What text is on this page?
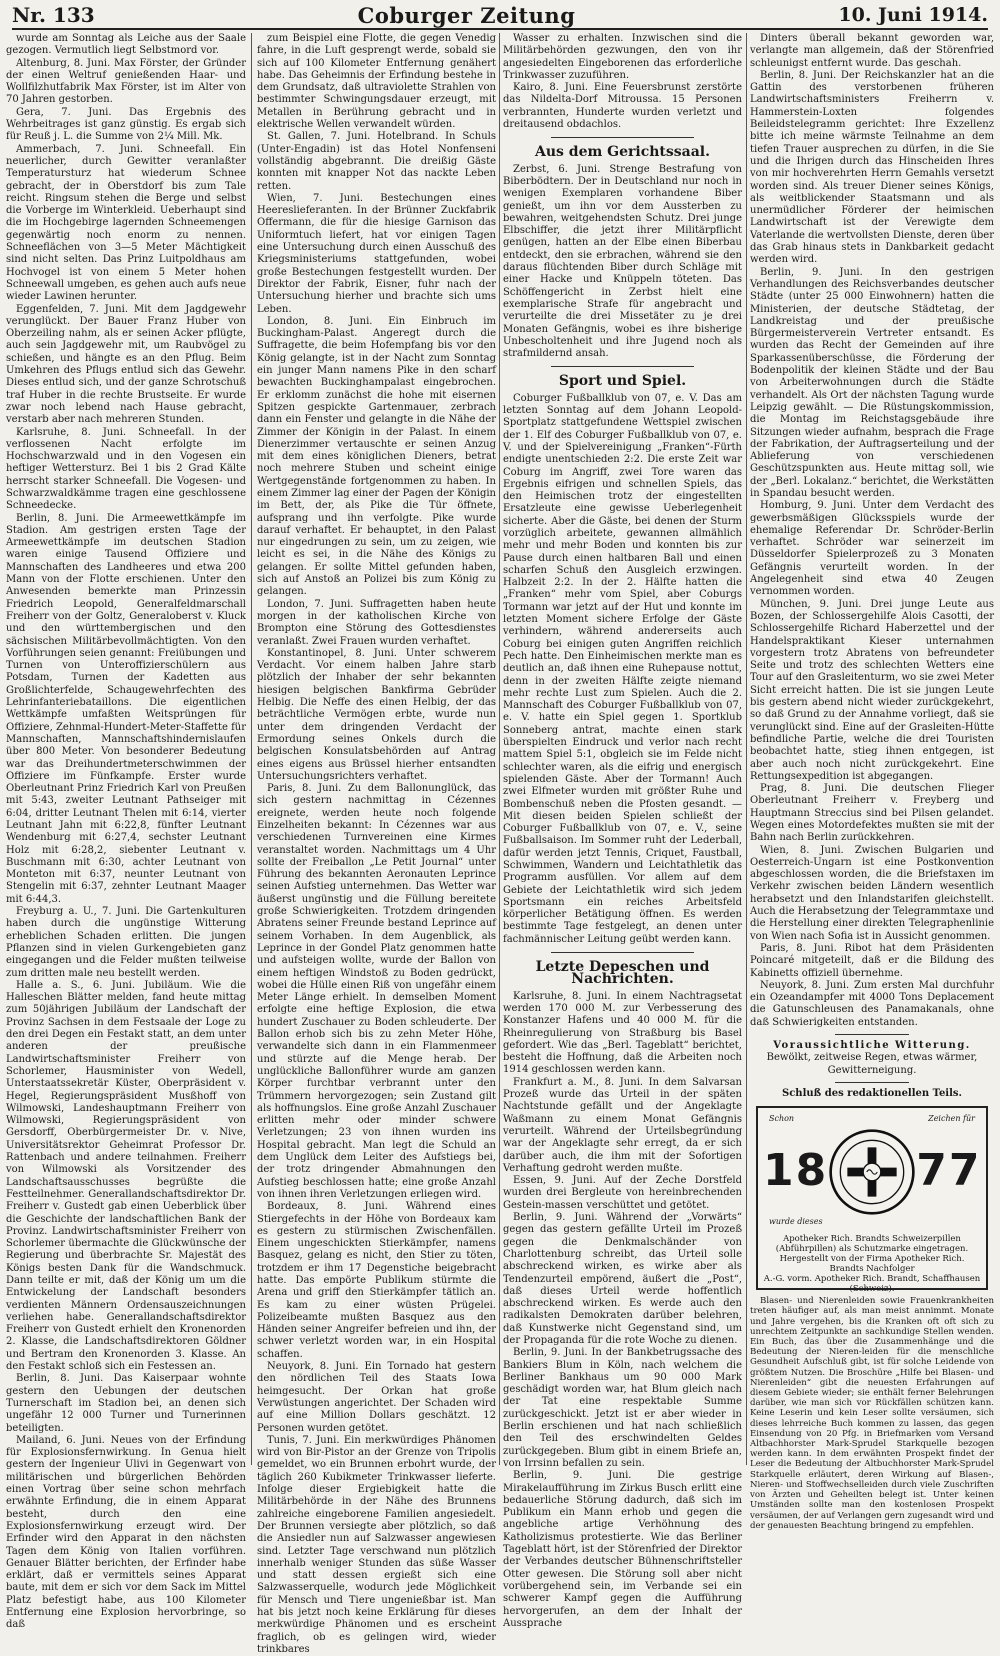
Nr. 133	Coburger Zeitung	10. Juni 1914.

wurde am Sonntag als Leiche aus der Saale gezogen. Vermutlich liegt Selbstmord vor.

Altenburg, 8. Juni. Max Förster, der Gründer der einen Weltruf genießenden Haar- und Wollfilzhutfabrik Max Förster, ist im Alter von 70 Jahren gestorben.

Gera, 7. Juni. Das Ergebnis des Wehrbeitrages ist ganz günstig. Es ergab sich für Reuß j. L. die Summe von 2¼ Mill. Mk.

Ammerbach, 7. Juni. Schneefall. Ein neuerlicher, durch Gewitter veranlaßter Temperatursturz hat wiederum Schnee gebracht, der in Oberstdorf bis zum Tale reicht. Ringsum stehen die Berge und selbst die Vorberge im Winterkleid. Ueberhaupt sind die im Hochgebirge lagernden Schneemengen gegenwärtig noch enorm zu nennen. Schneeflächen von 3—5 Meter Mächtigkeit sind nicht selten. Das Prinz Luitpoldhaus am Hochvogel ist von einem 5 Meter hohen Schneewall umgeben, es gehen auch aufs neue wieder Lawinen herunter.

Eggenfelden, 7. Juni. Mit dem Jagdgewehr verunglückt. Der Bauer Franz Huber von Oberzeiling nahm, als er seinen Acker pflügte, auch sein Jagdgewehr mit, um Raubvögel zu schießen, und hängte es an den Pflug. Beim Umkehren des Pflugs entlud sich das Gewehr. Dieses entlud sich, und der ganze Schrotschuß traf Huber in die rechte Brustseite. Er wurde zwar noch lebend nach Hause gebracht, verstarb aber nach mehreren Stunden.

Karlsruhe, 8. Juni. Schneefall. In der verflossenen Nacht erfolgte im Hochschwarzwald und in den Vogesen ein heftiger Wettersturz. Bei 1 bis 2 Grad Kälte herrscht starker Schneefall. Die Vogesen- und Schwarzwaldkämme tragen eine geschlossene Schneedecke.

Berlin, 8. Juni. Die Armeewettkämpfe im Stadion. Am gestrigen ersten Tage der Armeewettkämpfe im deutschen Stadion waren einige Tausend Offiziere und Mannschaften des Landheeres und etwa 200 Mann von der Flotte erschienen. Unter den Anwesenden bemerkte man Prinzessin Friedrich Leopold, Generalfeldmarschall Freiherr von der Goltz, Generaloberst v. Kluck und den württembergischen und den sächsischen Militärbevollmächtigten. Von den Vorführungen seien genannt: Freiübungen und Turnen von Unteroffizierschülern aus Potsdam, Turnen der Kadetten aus Großlichterfelde, Schaugewehrfechten des Lehrinfanteriebataillons. Die eigentlichen Wettkämpfe umfaßten Weitsprüngen für Offiziere, Zehnmal-Hundert-Meter-Staffette für Mannschaften, Mannschaftshindernislaufen über 800 Meter. Von besonderer Bedeutung war das Dreihundertmeterschwimmen der Offiziere im Fünfkampfe. Erster wurde Oberleutnant Prinz Friedrich Karl von Preußen mit 5:43, zweiter Leutnant Pathseiger mit 6:04, dritter Leutnant Thelen mit 6:14, vierter Leutnant Jahn mit 6:22,8, fünfter Leutnant Wendenburg mit 6:27,4, sechster Leutnant Holz mit 6:28,2, siebenter Leutnant v. Buschmann mit 6:30, achter Leutnant von Monteton mit 6:37, neunter Leutnant von Stengelin mit 6:37, zehnter Leutnant Maager mit 6:44,3.

Freyburg a. U., 7. Juni. Die Gartenkulturen haben durch die ungünstige Witterung erheblichen Schaden erlitten. Die jungen Pflanzen sind in vielen Gurkengebieten ganz eingegangen und die Felder mußten teilweise zum dritten male neu bestellt werden.

Halle a. S., 6. Juni. Jubiläum. Wie die Halleschen Blätter melden, fand heute mittag zum 50jährigen Jubiläum der Landschaft der Provinz Sachsen in dem Festsaale der Loge zu den drei Degen ein Festakt statt, an dem unter anderen der preußische Landwirtschaftsminister Freiherr von Schorlemer, Hausminister von Wedell, Unterstaatssekretär Küster, Oberpräsident v. Hegel, Regierungspräsident Musßhoff von Wilmowski, Landeshauptmann Freiherr von Wilmowski, Regierungspräsident von Gersdorff, Oberbürgermeister Dr. v. Nive, Universitätsrektor Geheimrat Professor Dr. Rattenbach und andere teilnahmen. Freiherr von Wilmowski als Vorsitzender des Landschaftsausschusses begrüßte die Festteilnehmer. Generallandschaftsdirektor Dr. Freiherr v. Gustedt gab einen Ueberblick über die Geschichte der landschaftlichen Bank der Provinz. Landwirtschaftsminister Freiherr von Schorlemer übermachte die Glückwünsche der Regierung und überbrachte Sr. Majestät des Königs besten Dank für die Wandschmuck. Dann teilte er mit, daß der König um um die Entwickelung der Landschaft besonders verdienten Männern Ordensauszeichnungen verliehen habe. Generallandschaftsdirektor Freiherr von Gustedt erhielt den Kronenorden 2. Klasse, die Landschaftsdirektoren Göldner und Bertram den Kronenorden 3. Klasse. An den Festakt schloß sich ein Festessen an.

Berlin, 8. Juni. Das Kaiserpaar wohnte gestern den Uebungen der deutschen Turnerschaft im Stadion bei, an denen sich ungefähr 12 000 Turner und Turnerinnen beteiligten.

Mailand, 6. Juni. Neues von der Erfindung für Explosionsfernwirkung. In Genua hielt gestern der Ingenieur Ulivi in Gegenwart von militärischen und bürgerlichen Behörden einen Vortrag über seine schon mehrfach erwähnte Erfindung, die in einem Apparat besteht, durch den eine Explosionsfernwirkung erzeugt wird. Der Erfinder wird den Apparat in den nächsten Tagen dem König von Italien vorführen. Genauer Blätter berichten, der Erfinder habe erklärt, daß er vermittels seines Apparat baute, mit dem er sich vor dem Sack im Mittel Platz befestigt habe, aus 100 Kilometer Entfernung eine Explosion hervorbringe, so daß

zum Beispiel eine Flotte, die gegen Venedig fahre, in die Luft gesprengt werde, sobald sie sich auf 100 Kilometer Entfernung genähert habe. Das Geheimnis der Erfindung bestehe in dem Grundsatz, daß ultraviolette Strahlen von bestimmter Schwingungsdauer erzeugt, mit Metallen in Berührung gebracht und in elektrische Wellen verwandelt würden.

St. Gallen, 7. Juni. Hotelbrand. In Schuls (Unter-Engadin) ist das Hotel Nonfenseni vollständig abgebrannt. Die dreißig Gäste konnten mit knapper Not das nackte Leben retten.

Wien, 7. Juni. Bestechungen eines Heereslieferanten. In der Brünner Zuckfabrik Offermann, die für die hiesige Garnison das Uniformtuch liefert, hat vor einigen Tagen eine Untersuchung durch einen Ausschuß des Kriegsministeriums stattgefunden, wobei große Bestechungen festgestellt wurden. Der Direktor der Fabrik, Eisner, fuhr nach der Untersuchung hierher und brachte sich ums Leben.

London, 8. Juni. Ein Einbruch im Buckingham-Palast. Angeregt durch die Suffragette, die beim Hofempfang bis vor den König gelangte, ist in der Nacht zum Sonntag ein junger Mann namens Pike in den scharf bewachten Buckinghampalast eingebrochen. Er erklomm zunächst die hohe mit eisernen Spitzen gespickte Gartenmauer, zerbrach dann ein Fenster und gelangte in die Nähe der Zimmer der Königin in der Palast. In einem Dienerzimmer vertauschte er seinen Anzug mit dem eines königlichen Dieners, betrat noch mehrere Stuben und scheint einige Wertgegenstände fortgenommen zu haben. In einem Zimmer lag einer der Pagen der Königin im Bett, der, als Pike die Tür öffnete, aufsprang und ihn verfolgte. Pike wurde darauf verhaftet. Er behauptet, in den Palast nur eingedrungen zu sein, um zu zeigen, wie leicht es sei, in die Nähe des Königs zu gelangen. Er sollte Mittel gefunden haben, sich auf Anstoß an Polizei bis zum König zu gelangen.

London, 7. Juni. Suffragetten haben heute morgen in der katholischen Kirche von Brompton eine Störung des Gottesdienstes veranlaßt. Zwei Frauen wurden verhaftet.

Konstantinopel, 8. Juni. Unter schwerem Verdacht. Vor einem halben Jahre starb plötzlich der Inhaber der sehr bekannten hiesigen belgischen Bankfirma Gebrüder Helbig. Die Neffe des einen Helbig, der das beträchtliche Vermögen erbte, wurde nun unter dem dringenden Verdacht der Ermordung seines Onkels durch die belgischen Konsulatsbehörden auf Antrag eines eigens aus Brüssel hierher entsandten Untersuchungsrichters verhaftet.

Paris, 8. Juni. Zu dem Ballonunglück, das sich gestern nachmittag in Cézennes ereignete, werden heute noch folgende Einzelheiten bekannt: In Cézennes war aus verschiedenen Turnvereinen eine Kirmes veranstaltet worden. Nachmittags um 4 Uhr sollte der Freiballon „Le Petit Journal“ unter Führung des bekannten Aeronauten Leprince seinen Aufstieg unternehmen. Das Wetter war äußerst ungünstig und die Füllung bereitete große Schwierigkeiten. Trotzdem dringenden Abratens seiner Freunde bestand Leprince auf seinem Vorhaben. In dem Augenblick, als Leprince in der Gondel Platz genommen hatte und aufsteigen wollte, wurde der Ballon von einem heftigen Windstoß zu Boden gedrückt, wobei die Hülle einen Riß von ungefähr einem Meter Länge erhielt. In demselben Moment erfolgte eine heftige Explosion, die etwa hundert Zuschauer zu Boden schleuderte. Der Ballon erhob sich bis zu zehn Meter Höhe, verwandelte sich dann in ein Flammenmeer und stürzte auf die Menge herab. Der unglückliche Ballonführer wurde am ganzen Körper furchtbar verbrannt unter den Trümmern hervorgezogen; sein Zustand gilt als hoffnungslos. Eine große Anzahl Zuschauer erlitten mehr oder minder schwere Verletzungen; 23 von ihnen wurden ins Hospital gebracht. Man legt die Schuld an dem Unglück dem Leiter des Aufstiegs bei, der trotz dringender Abmahnungen den Aufstieg beschlossen hatte; eine große Anzahl von ihnen ihren Verletzungen erliegen wird.

Bordeaux, 8. Juni. Während eines Stiergefechts in der Höhe von Bordeaux kam es gestern zu stürmischen Zwischenfällen. Einem ungeschickten Stierkämpfer, namens Basquez, gelang es nicht, den Stier zu töten, trotzdem er ihm 17 Degenstiche beigebracht hatte. Das empörte Publikum stürmte die Arena und griff den Stierkämpfer tätlich an. Es kam zu einer wüsten Prügelei. Polizeibeamte mußten Basquez aus den Händen seiner Angreifer befreien und ihn, der schwer verletzt worden war, in ein Hospital schaffen.

Neuyork, 8. Juni. Ein Tornado hat gestern den nördlichen Teil des Staats Iowa heimgesucht. Der Orkan hat große Verwüstungen angerichtet. Der Schaden wird auf eine Million Dollars geschätzt. 12 Personen wurden getötet.

Tunis, 7. Juni. Ein merkwürdiges Phänomen wird von Bir-Pistor an der Grenze von Tripolis gemeldet, wo ein Brunnen erbohrt wurde, der täglich 260 Kubikmeter Trinkwasser lieferte. Infolge dieser Ergiebigkeit hatte die Militärbehörde in der Nähe des Brunnens zahlreiche eingeborene Familien angesiedelt. Der Brunnen versiegte aber plötzlich, so daß die Ansiedler nun auf Salzwasser angewiesen sind. Letzter Tage verschwand nun plötzlich innerhalb weniger Stunden das süße Wasser und statt dessen ergießt sich eine Salzwasserquelle, wodurch jede Möglichkeit für Mensch und Tiere ungenießbar ist. Man hat bis jetzt noch keine Erklärung für dieses merkwürdige Phänomen und es erscheint fraglich, ob es gelingen wird, wieder trinkbares

Wasser zu erhalten. Inzwischen sind die Militärbehörden gezwungen, den von ihr angesiedelten Eingeborenen das erforderliche Trinkwasser zuzuführen.

Kairo, 8. Juni. Eine Feuersbrunst zerstörte das Nildelta-Dorf Mitroussa. 15 Personen verbrannten, Hunderte wurden verletzt und dreitausend obdachlos.

Aus dem Gerichtssaal.

Zerbst, 6. Juni. Strenge Bestrafung von Biberbödtern. Der in Deutschland nur noch in wenigen Exemplaren vorhandene Biber genießt, um ihn vor dem Aussterben zu bewahren, weitgehendsten Schutz. Drei junge Elbschiffer, die jetzt ihrer Militärpflicht genügen, hatten an der Elbe einen Biberbau entdeckt, den sie erbrachen, während sie den daraus flüchtenden Biber durch Schläge mit einer Hacke und Knüppeln töteten. Das Schöffengericht in Zerbst hielt eine exemplarische Strafe für angebracht und verurteilte die drei Missetäter zu je drei Monaten Gefängnis, wobei es ihre bisherige Unbescholtenheit und ihre Jugend noch als strafmildernd ansah.

Sport und Spiel.

Coburger Fußballklub von 07, e. V. Das am letzten Sonntag auf dem Johann Leopold-Sportplatz stattgefundene Wettspiel zwischen der 1. Elf des Coburger Fußballklub von 07, e. V. und der Spielvereinigung „Franken“-Fürth endigte unentschieden 2:2. Die erste Zeit war Coburg im Angriff, zwei Tore waren das Ergebnis eifrigen und schnellen Spiels, das den Heimischen trotz der eingestellten Ersatzleute eine gewisse Ueberlegenheit sicherte. Aber die Gäste, bei denen der Sturm vorzüglich arbeitete, gewannen allmählich mehr und mehr Boden und konnten bis zur Pause durch einen haltbaren Ball und einen scharfen Schuß den Ausgleich erzwingen. Halbzeit 2:2. In der 2. Hälfte hatten die „Franken“ mehr vom Spiel, aber Coburgs Tormann war jetzt auf der Hut und konnte im letzten Moment sichere Erfolge der Gäste verhindern, während andererseits auch Coburg bei einigen guten Angriffen reichlich Pech hatte. Den Einheimischen merkte man es deutlich an, daß ihnen eine Ruhepause nottut, denn in der zweiten Hälfte zeigte niemand mehr rechte Lust zum Spielen. Auch die 2. Mannschaft des Coburger Fußballklub von 07, e. V. hatte ein Spiel gegen 1. Sportklub Sonneberg antrat, machte einen stark überspielten Eindruck und verlor nach recht mattem Spiel 5:1, obgleich sie im Felde nicht schlechter waren, als die eifrig und energisch spielenden Gäste. Aber der Tormann! Auch zwei Elfmeter wurden mit größter Ruhe und Bombenschuß neben die Pfosten gesandt. — Mit diesen beiden Spielen schließt der Coburger Fußballklub von 07, e. V., seine Fußballsaison. Im Sommer ruht der Lederball, dafür werden jetzt Tennis, Criquet, Faustball, Schwimmen, Wandern und Leichtathletik das Programm ausfüllen. Vor allem auf dem Gebiete der Leichtathletik wird sich jedem Sportsmann ein reiches Arbeitsfeld körperlicher Betätigung öffnen. Es werden bestimmte Tage festgelegt, an denen unter fachmännischer Leitung geübt werden kann.

Letzte Depeschen und Nachrichten.

Karlsruhe, 8. Juni. In einem Nachtragsetat werden 170 000 M. zur Verbesserung des Konstanzer Hafens und 40 000 M. für die Rheinregulierung von Straßburg bis Basel gefordert. Wie das „Berl. Tageblatt“ berichtet, besteht die Hoffnung, daß die Arbeiten noch 1914 geschlossen werden kann.

Frankfurt a. M., 8. Juni. In dem Salvarsan Prozeß wurde das Urteil in der späten Nachtstunde gefällt und der Angeklagte Waßmann zu einem Monat Gefängnis verurteilt. Während der Urteilsbegründung war der Angeklagte sehr erregt, da er sich darüber auch, die ihm mit der Sofortigen Verhaftung gedroht werden mußte.

Essen, 9. Juni. Auf der Zeche Dorstfeld wurden drei Bergleute von hereinbrechenden Gestein-massen verschüttet und getötet.

Berlin, 9. Juni. Während der „Vorwärts“ gegen das gestern gefällte Urteil im Prozeß gegen die Denkmalschänder von Charlottenburg schreibt, das Urteil solle abschreckend wirken, es wirke aber als Tendenzurteil empörend, äußert die „Post“, daß dieses Urteil werde hoffentlich abschreckend wirken. Es werde auch den radikalsten Demokraten darüber belehren, daß Kunstwerke nicht Gegenstand sind, um der Propaganda für die rote Woche zu dienen.

Berlin, 9. Juni. In der Bankbetrugssache des Bankiers Blum in Köln, nach welchem die Berliner Bankhaus um 90 000 Mark geschädigt worden war, hat Blum gleich nach der Tat eine respektable Summe zurückgeschickt. Jetzt ist er aber wieder in Berlin erschienen und hat nach schließlich den Teil des erschwindelten Geldes zurückgegeben. Blum gibt in einem Briefe an, von Irrsinn befallen zu sein.

Berlin, 9. Juni. Die gestrige Mirakelaufführung im Zirkus Busch erlitt eine bedauerliche Störung dadurch, daß sich im Publikum ein Mann erhob und gegen die angebliche artige Verhöhnung des Katholizismus protestierte. Wie das Berliner Tageblatt hört, ist der Störenfried der Direktor der Verbandes deutscher Bühnenschriftsteller Otter gewesen. Die Störung soll aber nicht vorübergehend sein, im Verbande sei ein schwerer Kampf gegen die Aufführung hervorgerufen, an dem der Inhalt der Aussprache

Dinters überall bekannt geworden war, verlangte man allgemein, daß der Störenfried schleunigst entfernt wurde. Das geschah.

Berlin, 8. Juni. Der Reichskanzler hat an die Gattin des verstorbenen früheren Landwirtschaftsministers Freiherrn v. Hammerstein-Loxten folgendes Beileidstelegramm gerichtet: Ihre Exzellenz bitte ich meine wärmste Teilnahme an dem tiefen Trauer ausprechen zu dürfen, in die Sie und die Ihrigen durch das Hinscheiden Ihres von mir hochverehrten Herrn Gemahls versetzt worden sind. Als treuer Diener seines Königs, als weitblickender Staatsmann und als unermüdlicher Förderer der heimischen Landwirtschaft ist der Verewigte dem Vaterlande die wertvollsten Dienste, deren über das Grab hinaus stets in Dankbarkeit gedacht werden wird.

Berlin, 9. Juni. In den gestrigen Verhandlungen des Reichsverbandes deutscher Städte (unter 25 000 Einwohnern) hatten die Ministerien, der deutsche Städtetag, der Landkreistag und der preußische Bürgermeisterverein Vertreter entsandt. Es wurden das Recht der Gemeinden auf ihre Sparkassenüberschüsse, die Förderung der Bodenpolitik der kleinen Städte und der Bau von Arbeiterwohnungen durch die Städte verhandelt. Als Ort der nächsten Tagung wurde Leipzig gewählt. — Die Rüstungskommission, die Montag im Reichstagsgebäude ihre Sitzungen wieder aufnahm, besprach die Frage der Fabrikation, der Auftragserteilung und der Ablieferung von verschiedenen Geschützspunkten aus. Heute mittag soll, wie der „Berl. Lokalanz.“ berichtet, die Werkstätten in Spandau besucht werden.

Homburg, 9. Juni. Unter dem Verdacht des gewerbsmäßigen Glücksspiels wurde der ehemalige Referendar Dr. Schröder-Berlin verhaftet. Schröder war seinerzeit im Düsseldorfer Spielerprozeß zu 3 Monaten Gefängnis verurteilt worden. In der Angelegenheit sind etwa 40 Zeugen vernommen worden.

München, 9. Juni. Drei junge Leute aus Bozen, der Schlossergehilfe Alois Casotti, der Schlossergehilfe Richard Haberzettel und der Handelspraktikant Kieser unternahmen vorgestern trotz Abratens von befreundeter Seite und trotz des schlechten Wetters eine Tour auf den Grasleitenturm, wo sie zwei Meter Sicht erreicht hatten. Die ist sie jungen Leute bis gestern abend nicht wieder zurückgekehrt, so daß Grund zu der Annahme vorliegt, daß sie verunglückt sind. Eine auf der Grasleiten-Hütte befindliche Partie, welche die drei Touristen beobachtet hatte, stieg ihnen entgegen, ist aber auch noch nicht zurückgekehrt. Eine Rettungsexpedition ist abgegangen.

Prag, 8. Juni. Die deutschen Flieger Oberleutnant Freiherr v. Freyberg und Hauptmann Streccius sind bei Pilsen gelandet. Wegen eines Motordefektes mußten sie mit der Bahn nach Berlin zurückkehren.

Wien, 8. Juni. Zwischen Bulgarien und Oesterreich-Ungarn ist eine Postkonvention abgeschlossen worden, die die Briefstaxen im Verkehr zwischen beiden Ländern wesentlich herabsetzt und den Inlandstarifen gleichstellt. Auch die Herabsetzung der Telegrammtaxe und die Herstellung einer direkten Telegraphenlinie von Wien nach Sofia ist in Aussicht genommen.

Paris, 8. Juni. Ribot hat dem Präsidenten Poincaré mitgeteilt, daß er die Bildung des Kabinetts offiziell übernehme.

Neuyork, 8. Juni. Zum ersten Mal durchfuhr ein Ozeandampfer mit 4000 Tons Deplacement die Gatunschleusen des Panamakanals, ohne daß Schwierigkeiten entstanden.

Voraussichtliche Witterung.
Bewölkt, zeitweise Regen, etwas wärmer, Gewitterneigung.
Schluß des redaktionellen Teils.
Schon	Zeichen für
18 77
wurde dieses
Apotheker Rich. Brandts Schweizerpillen (Abführpillen) als Schutzmarke eingetragen.
Hergestellt von der Firma Apotheker Rich. Brandts Nachfolger
A.-G. vorm. Apotheker Rich. Brandt, Schaffhausen (Schweiz).

Blasen- und Nierenleiden sowie Frauenkrankheiten treten häufiger auf, als man meist annimmt. Monate und Jahre vergehen, bis die Kranken oft oft sich zu unrechtem Zeitpunkte an sachkundige Stellen wenden. Ein Buch, das über die Zusammenhänge und die Bedeutung der Nieren-leiden für die menschliche Gesundheit Aufschluß gibt, ist für solche Leidende von größtem Nutzen. Die Broschüre „Hilfe bei Blasen- und Nierenleiden“ gibt die neuesten Erfahrungen auf diesem Gebiete wieder; sie enthält ferner Belehrungen darüber, wie man sich vor Rückfällen schützen kann. Keine Leserin und kein Leser sollte versäumen, sich dieses lehrreiche Buch kommen zu lassen, das gegen Einsendung von 20 Pfg. in Briefmarken vom Versand Altbachhorster Mark-Sprudel Starkquelle bezogen werden kann. In dem erwähnten Prospekt findet der Leser die Bedeutung der Altbuchhorster Mark-Sprudel Starkquelle erläutert, deren Wirkung auf Blasen-, Nieren- und Stoffwechselleiden durch viele Zuschriften von Ärzten und Geheilten belegt ist. Unter keinen Umständen sollte man den kostenlosen Prospekt versäumen, der auf Verlangen gern zugesandt wird und der genauesten Beachtung bringend zu empfehlen.
